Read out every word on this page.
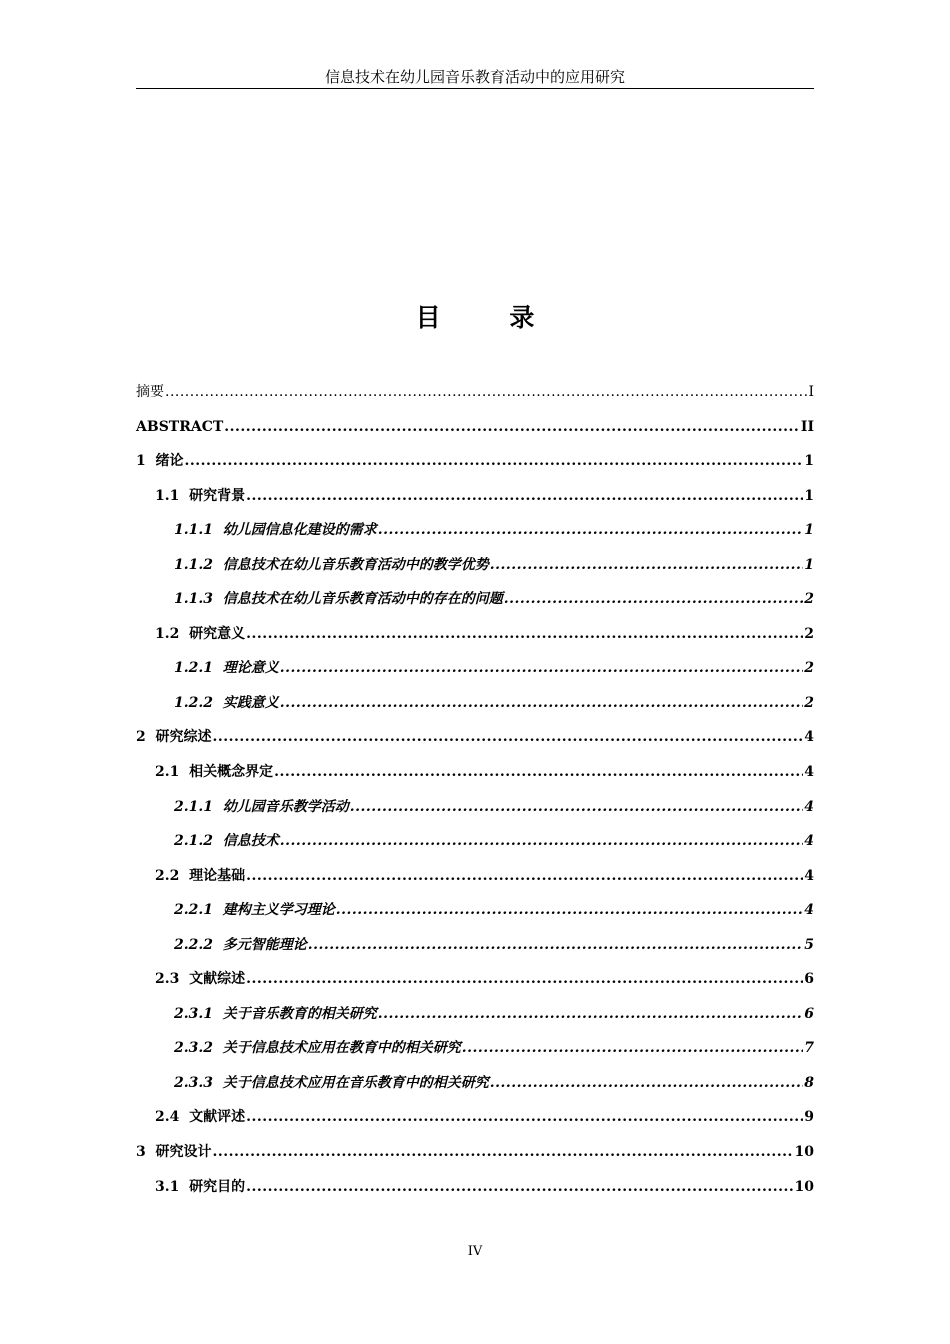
信息技术在幼儿园音乐教育活动中的应用研究
目 录
摘要 .....	I
ABSTRACT .....	II
1 绪论 .....	1
1.1 研究背景 .....	1
1.1.1 幼儿园信息化建设的需求 .....	1
1.1.2 信息技术在幼儿音乐教育活动中的教学优势 .....	1
1.1.3 信息技术在幼儿音乐教育活动中的存在的问题 .....	2
1.2 研究意义 .....	2
1.2.1 理论意义 .....	2
1.2.2 实践意义 .....	2
2 研究综述 .....	4
2.1 相关概念界定 .....	4
2.1.1 幼儿园音乐教学活动 .....	4
2.1.2 信息技术 .....	4
2.2 理论基础 .....	4
2.2.1 建构主义学习理论 .....	4
2.2.2 多元智能理论 .....	5
2.3 文献综述 .....	6
2.3.1 关于音乐教育的相关研究 .....	6
2.3.2 关于信息技术应用在教育中的相关研究 .....	7
2.3.3 关于信息技术应用在音乐教育中的相关研究 .....	8
2.4 文献评述 .....	9
3 研究设计 .....	10
3.1 研究目的 .....	10
IV
